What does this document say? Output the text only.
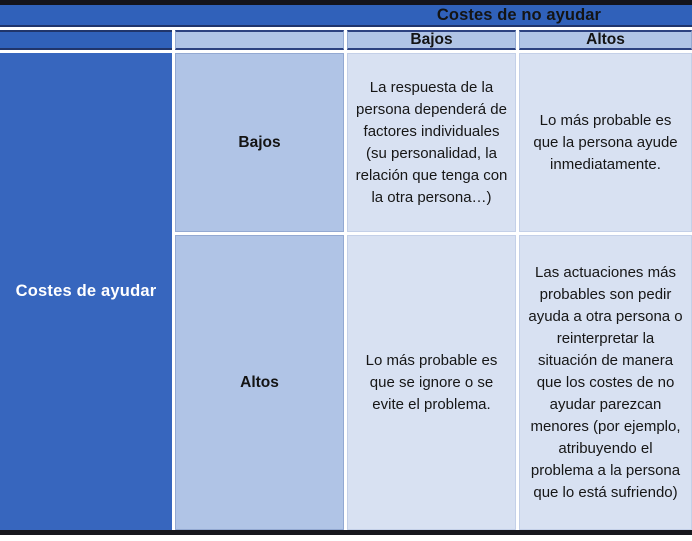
Costes de no ayudar
Bajos	Altos
Costes de ayudar
Bajos
La respuesta de la persona dependerá de factores individuales (su personalidad, la relación que tenga con la otra persona…)
Lo más probable es que la persona ayude inmediatamente.
Altos
Lo más probable es que se ignore o se evite el problema.
Las actuaciones más probables son pedir ayuda a otra persona o reinterpretar la situación de manera que los costes de no ayudar parezcan menores (por ejemplo, atribuyendo el problema a la persona que lo está sufriendo)
